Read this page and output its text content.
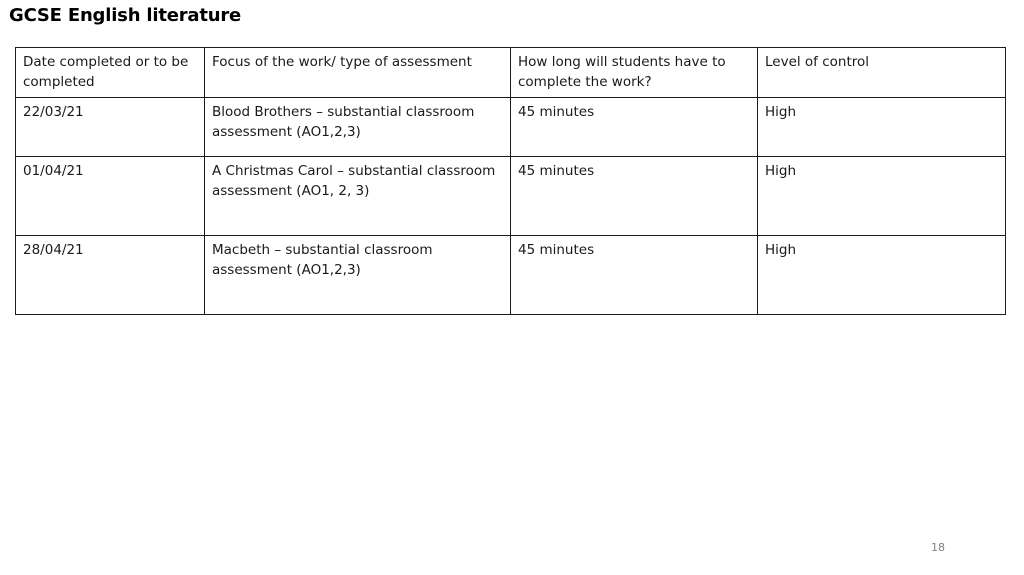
GCSE English literature
Date completed or to be completed	Focus of the work/ type of assessment	How long will students have to complete the work?	Level of control
22/03/21	Blood Brothers – substantial classroom assessment (AO1,2,3)	45 minutes	High
01/04/21	A Christmas Carol – substantial classroom assessment (AO1, 2, 3)	45 minutes	High
28/04/21	Macbeth – substantial classroom assessment (AO1,2,3)	45 minutes	High
18
